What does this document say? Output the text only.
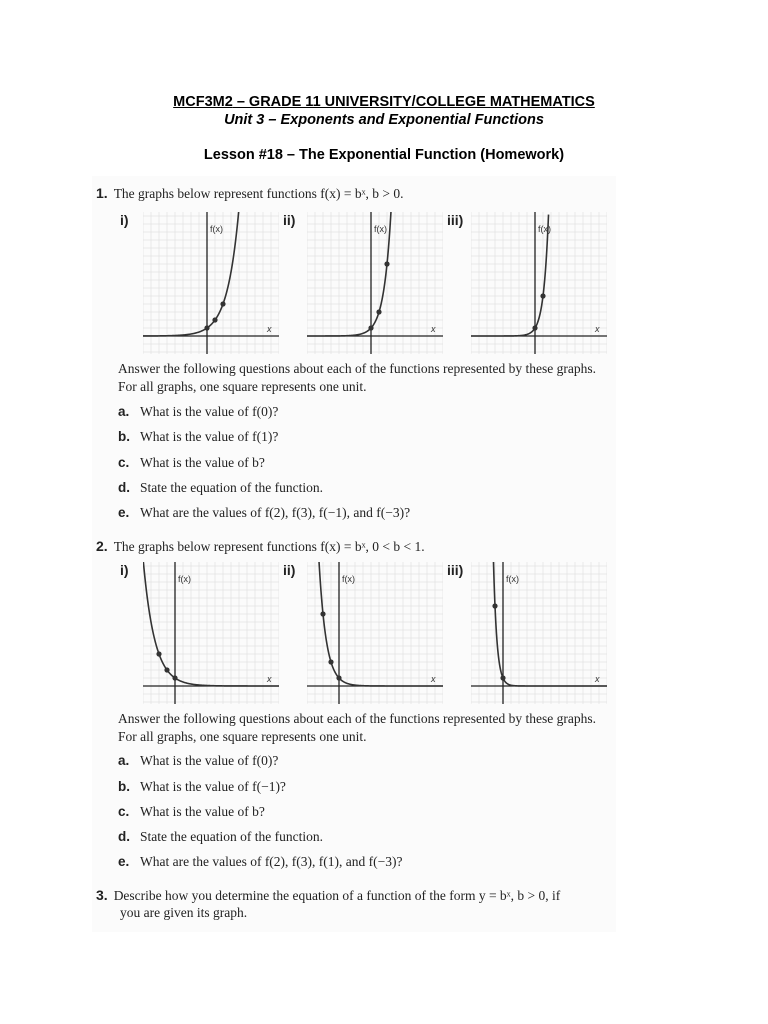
MCF3M2 – GRADE 11 UNIVERSITY/COLLEGE MATHEMATICS
Unit 3 – Exponents and Exponential Functions
Lesson #18 – The Exponential Function (Homework)
1. The graphs below represent functions f(x) = bˣ, b > 0.
i)	ii)	iii)
f(x)
x
f(x)
x
f(x)
x
Answer the following questions about each of the functions represented by these graphs. For all graphs, one square represents one unit.
a. What is the value of f(0)?
b. What is the value of f(1)?
c. What is the value of b?
d. State the equation of the function.
e. What are the values of f(2), f(3), f(−1), and f(−3)?
2. The graphs below represent functions f(x) = bˣ, 0 < b < 1.
i)	ii)	iii)
f(x)
x
f(x)
x
f(x)
x
Answer the following questions about each of the functions represented by these graphs. For all graphs, one square represents one unit.
a. What is the value of f(0)?
b. What is the value of f(−1)?
c. What is the value of b?
d. State the equation of the function.
e. What are the values of f(2), f(3), f(1), and f(−3)?
3. Describe how you determine the equation of a function of the form y = bˣ, b > 0, if
you are given its graph.
